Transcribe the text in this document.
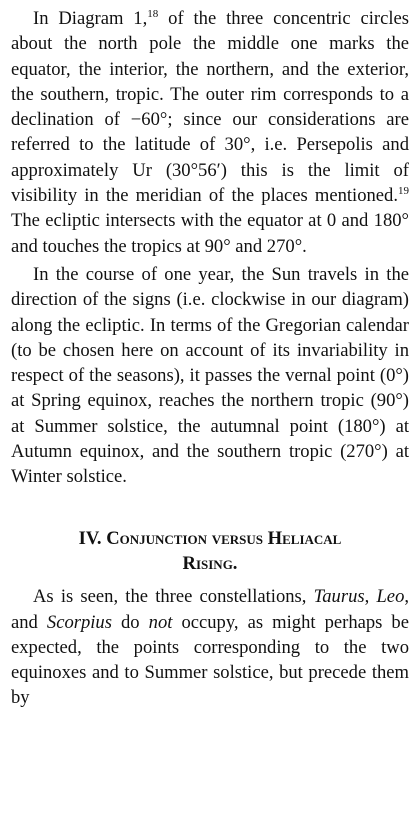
In Diagram 1,18 of the three concentric circles about the north pole the middle one marks the equator, the interior, the northern, and the exterior, the southern, tropic. The outer rim corresponds to a declination of −60°; since our considerations are referred to the latitude of 30°, i.e. Persepolis and approximately Ur (30°56′) this is the limit of visibility in the meridian of the places mentioned.$^{19}$ The ecliptic intersects with the equator at 0 and 180° and touches the tropics at 90° and 270°.

In the course of one year, the Sun travels in the direction of the signs (i.e. clockwise in our diagram) along the ecliptic. In terms of the Gregorian calendar (to be chosen here on account of its invariability in respect of the seasons), it passes the vernal point (0°) at Spring equinox, reaches the northern tropic (90°) at Summer solstice, the autumnal point (180°) at Autumn equinox, and the southern tropic (270°) at Winter solstice.

IV. Conjunction versus Heliacal
Rising.

As is seen, the three constellations, Taurus, Leo, and Scorpius do not occupy, as might perhaps be expected, the points corresponding to the two equinoxes and to Summer solstice, but precede them by
